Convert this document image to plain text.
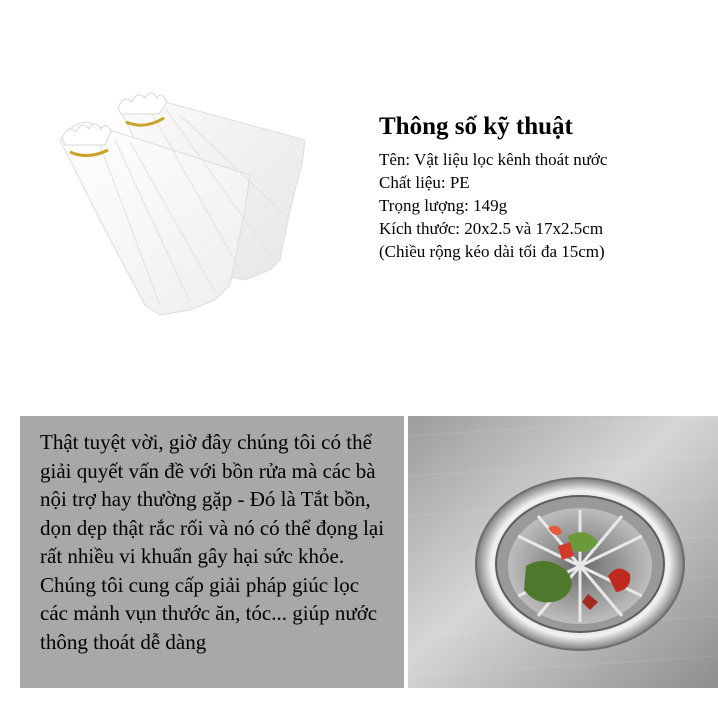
Thông số kỹ thuật
Tên: Vật liệu lọc kênh thoát nước
Chất liệu: PE
Trọng lượng: 149g
Kích thước: 20x2.5 và 17x2.5cm
(Chiều rộng kéo dài tối đa 15cm)

Thật tuyệt vời, giờ đây chúng tôi có thể giải quyết vấn đề với bồn rửa mà các bà nội trợ hay thường gặp - Đó là Tắt bồn, dọn dẹp thật rắc rối và nó có thể đọng lại rất nhiều vi khuẩn gây hại sức khỏe. Chúng tôi cung cấp giải pháp giúc lọc các mảnh vụn thước ăn, tóc... giúp nước thông thoát dễ dàng
